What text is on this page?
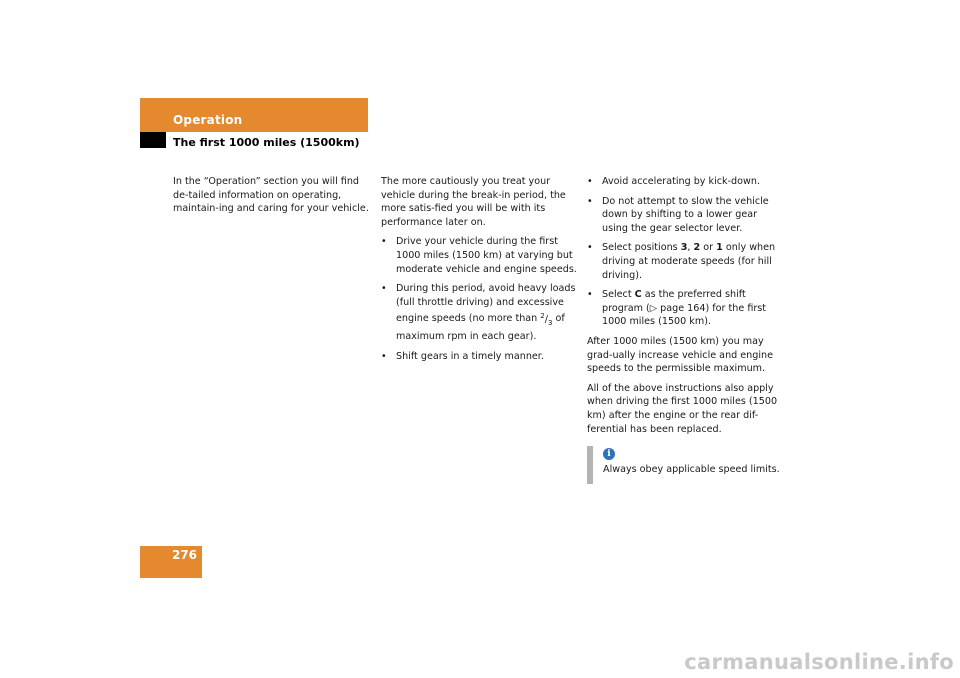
Operation
The first 1000 miles (1500km)

In the “Operation” section you will find de-tailed information on operating, maintain-ing and caring for your vehicle.

The more cautiously you treat your vehicle during the break-in period, the more satis-fied you will be with its performance later on.

• Drive your vehicle during the first 1000 miles (1500 km) at varying but moderate vehicle and engine speeds.
• During this period, avoid heavy loads (full throttle driving) and excessive engine speeds (no more than $^2/_3$ of maximum rpm in each gear).
• Shift gears in a timely manner.
• Avoid accelerating by kick-down.
• Do not attempt to slow the vehicle down by shifting to a lower gear using the gear selector lever.
• Select positions 3, 2 or 1 only when driving at moderate speeds (for hill driving).
• Select C as the preferred shift program (▷ page 164) for the first 1000 miles (1500 km).

After 1000 miles (1500 km) you may grad-ually increase vehicle and engine speeds to the permissible maximum.

All of the above instructions also apply when driving the first 1000 miles (1500 km) after the engine or the rear dif-ferential has been replaced.

i
Always obey applicable speed limits.
276
carmanualsonline.info
